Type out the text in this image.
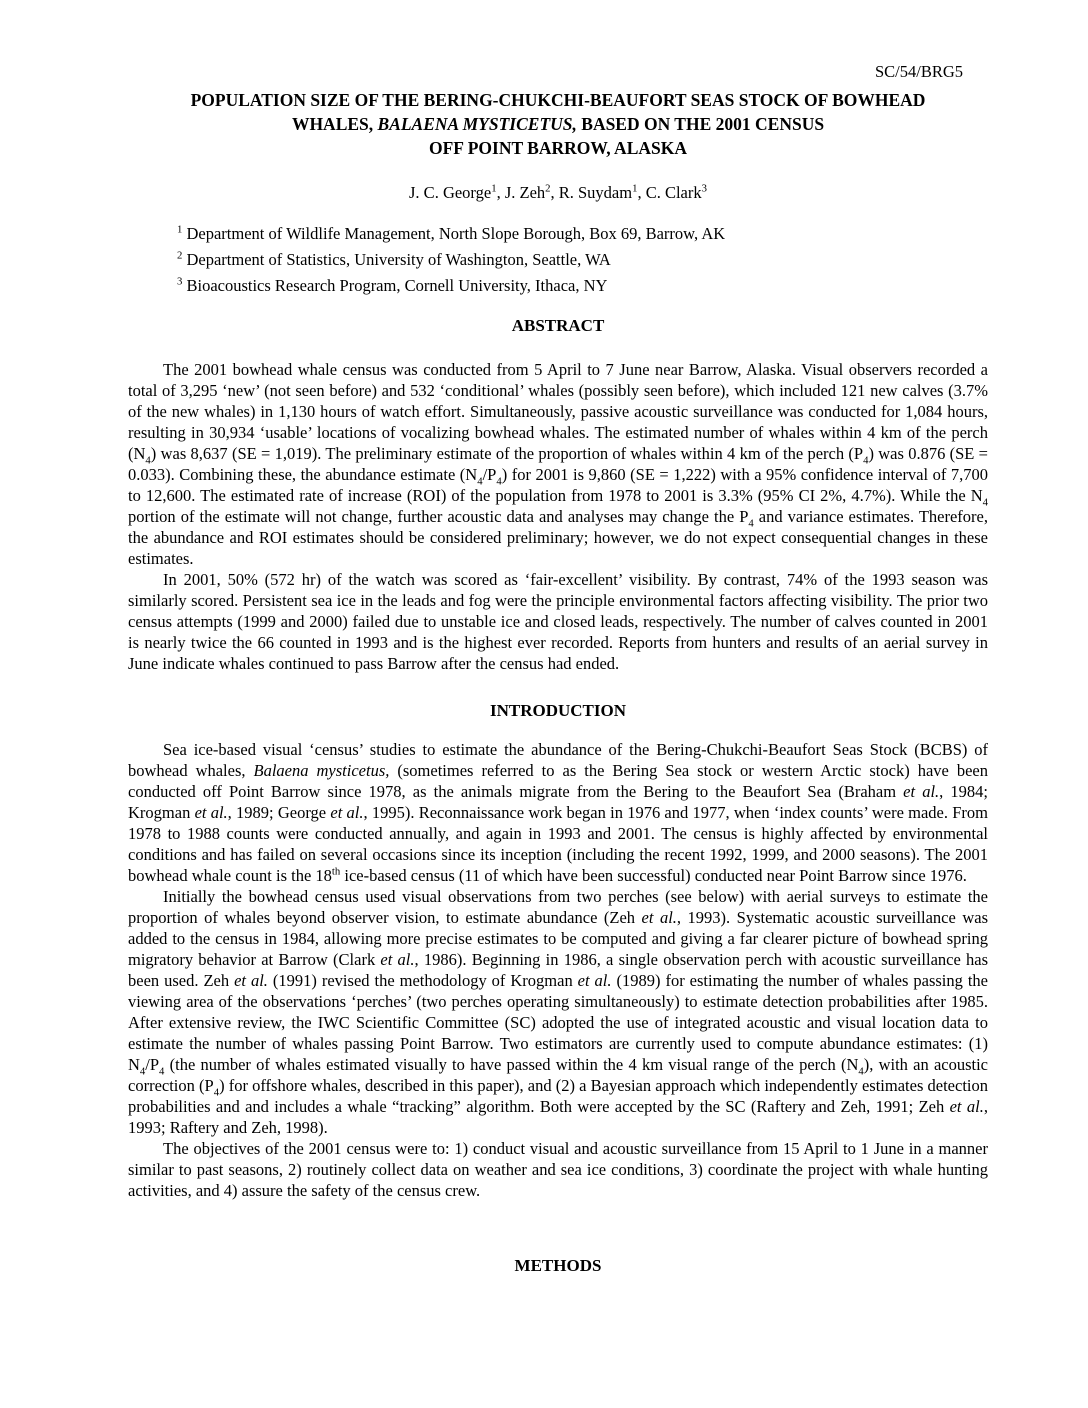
SC/54/BRG5
POPULATION SIZE OF THE BERING-CHUKCHI-BEAUFORT SEAS STOCK OF BOWHEAD
WHALES, BALAENA MYSTICETUS, BASED ON THE 2001 CENSUS
OFF POINT BARROW, ALASKA
J. C. George$^1$, J. Zeh$^2$, R. Suydam$^1$, C. Clark$^3$
$^1$ Department of Wildlife Management, North Slope Borough, Box 69, Barrow, AK
$^2$ Department of Statistics, University of Washington, Seattle, WA
$^3$ Bioacoustics Research Program, Cornell University, Ithaca, NY
ABSTRACT

The 2001 bowhead whale census was conducted from 5 April to 7 June near Barrow, Alaska. Visual observers recorded a total of 3,295 ‘new’ (not seen before) and 532 ‘conditional’ whales (possibly seen before), which included 121 new calves (3.7% of the new whales) in 1,130 hours of watch effort. Simultaneously, passive acoustic surveillance was conducted for 1,084 hours, resulting in 30,934 ‘usable’ locations of vocalizing bowhead whales. The estimated number of whales within 4 km of the perch $(N_4)$ was 8,637 (SE = 1,019). The preliminary estimate of the proportion of whales within 4 km of the perch $(P_4)$ was 0.876 (SE = 0.033). Combining these, the abundance estimate $(N_4/P_4)$ for 2001 is 9,860 (SE = 1,222) with a 95% confidence interval of 7,700 to 12,600. The estimated rate of increase (ROI) of the population from 1978 to 2001 is 3.3% (95% CI 2%, 4.7%). While the $N_4$ portion of the estimate will not change, further acoustic data and analyses may change the $P_4$ and variance estimates. Therefore, the abundance and ROI estimates should be considered preliminary; however, we do not expect consequential changes in these estimates.

In 2001, 50% (572 hr) of the watch was scored as ‘fair-excellent’ visibility. By contrast, 74% of the 1993 season was similarly scored. Persistent sea ice in the leads and fog were the principle environmental factors affecting visibility. The prior two census attempts (1999 and 2000) failed due to unstable ice and closed leads, respectively. The number of calves counted in 2001 is nearly twice the 66 counted in 1993 and is the highest ever recorded. Reports from hunters and results of an aerial survey in June indicate whales continued to pass Barrow after the census had ended.

INTRODUCTION

Sea ice-based visual ‘census’ studies to estimate the abundance of the Bering-Chukchi-Beaufort Seas Stock (BCBS) of bowhead whales, Balaena mysticetus, (sometimes referred to as the Bering Sea stock or western Arctic stock) have been conducted off Point Barrow since 1978, as the animals migrate from the Bering to the Beaufort Sea (Braham et al., 1984; Krogman et al., 1989; George et al., 1995). Reconnaissance work began in 1976 and 1977, when ‘index counts’ were made. From 1978 to 1988 counts were conducted annually, and again in 1993 and 2001. The census is highly affected by environmental conditions and has failed on several occasions since its inception (including the recent 1992, 1999, and 2000 seasons). The 2001 bowhead whale count is the 18th ice-based census (11 of which have been successful) conducted near Point Barrow since 1976.

Initially the bowhead census used visual observations from two perches (see below) with aerial surveys to estimate the proportion of whales beyond observer vision, to estimate abundance (Zeh et al., 1993). Systematic acoustic surveillance was added to the census in 1984, allowing more precise estimates to be computed and giving a far clearer picture of bowhead spring migratory behavior at Barrow (Clark et al., 1986). Beginning in 1986, a single observation perch with acoustic surveillance has been used. Zeh et al. (1991) revised the methodology of Krogman et al. (1989) for estimating the number of whales passing the viewing area of the observations ‘perches’ (two perches operating simultaneously) to estimate detection probabilities after 1985. After extensive review, the IWC Scientific Committee (SC) adopted the use of integrated acoustic and visual location data to estimate the number of whales passing Point Barrow. Two estimators are currently used to compute abundance estimates: (1) $N_4/P_4$ (the number of whales estimated visually to have passed within the 4 km visual range of the perch $(N_4)$, with an acoustic correction $(P_4)$ for offshore whales, described in this paper), and (2) a Bayesian approach which independently estimates detection probabilities and and includes a whale “tracking” algorithm. Both were accepted by the SC (Raftery and Zeh, 1991; Zeh et al., 1993; Raftery and Zeh, 1998).

The objectives of the 2001 census were to: 1) conduct visual and acoustic surveillance from 15 April to 1 June in a manner similar to past seasons, 2) routinely collect data on weather and sea ice conditions, 3) coordinate the project with whale hunting activities, and 4) assure the safety of the census crew.

METHODS
